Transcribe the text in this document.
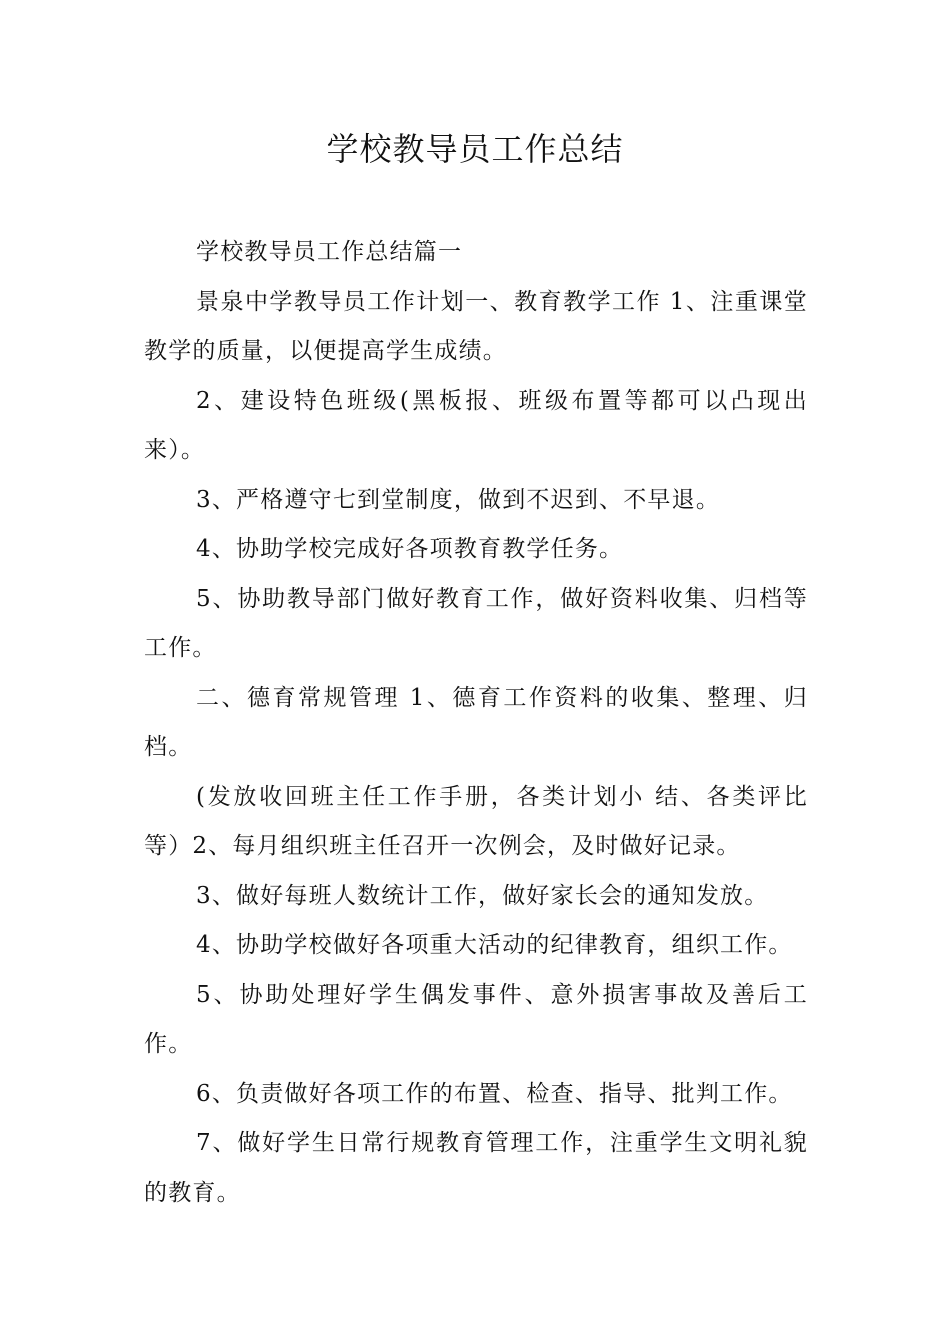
学校教导员工作总结

学校教导员工作总结篇一

景泉中学教导员工作计划一、教育教学工作 1、注重课堂教学的质量，以便提高学生成绩。

2、建设特色班级(黑板报、班级布置等都可以凸现出来）。

3、严格遵守七到堂制度，做到不迟到、不早退。

4、协助学校完成好各项教育教学任务。

5、协助教导部门做好教育工作，做好资料收集、归档等工作。

二、德育常规管理 1、德育工作资料的收集、整理、归档。

(发放收回班主任工作手册，各类计划小 结、各类评比等）2、每月组织班主任召开一次例会，及时做好记录。

3、做好每班人数统计工作，做好家长会的通知发放。

4、协助学校做好各项重大活动的纪律教育，组织工作。

5、协助处理好学生偶发事件、意外损害事故及善后工作。

6、负责做好各项工作的布置、检查、指导、批判工作。

7、做好学生日常行规教育管理工作，注重学生文明礼貌的教育。
